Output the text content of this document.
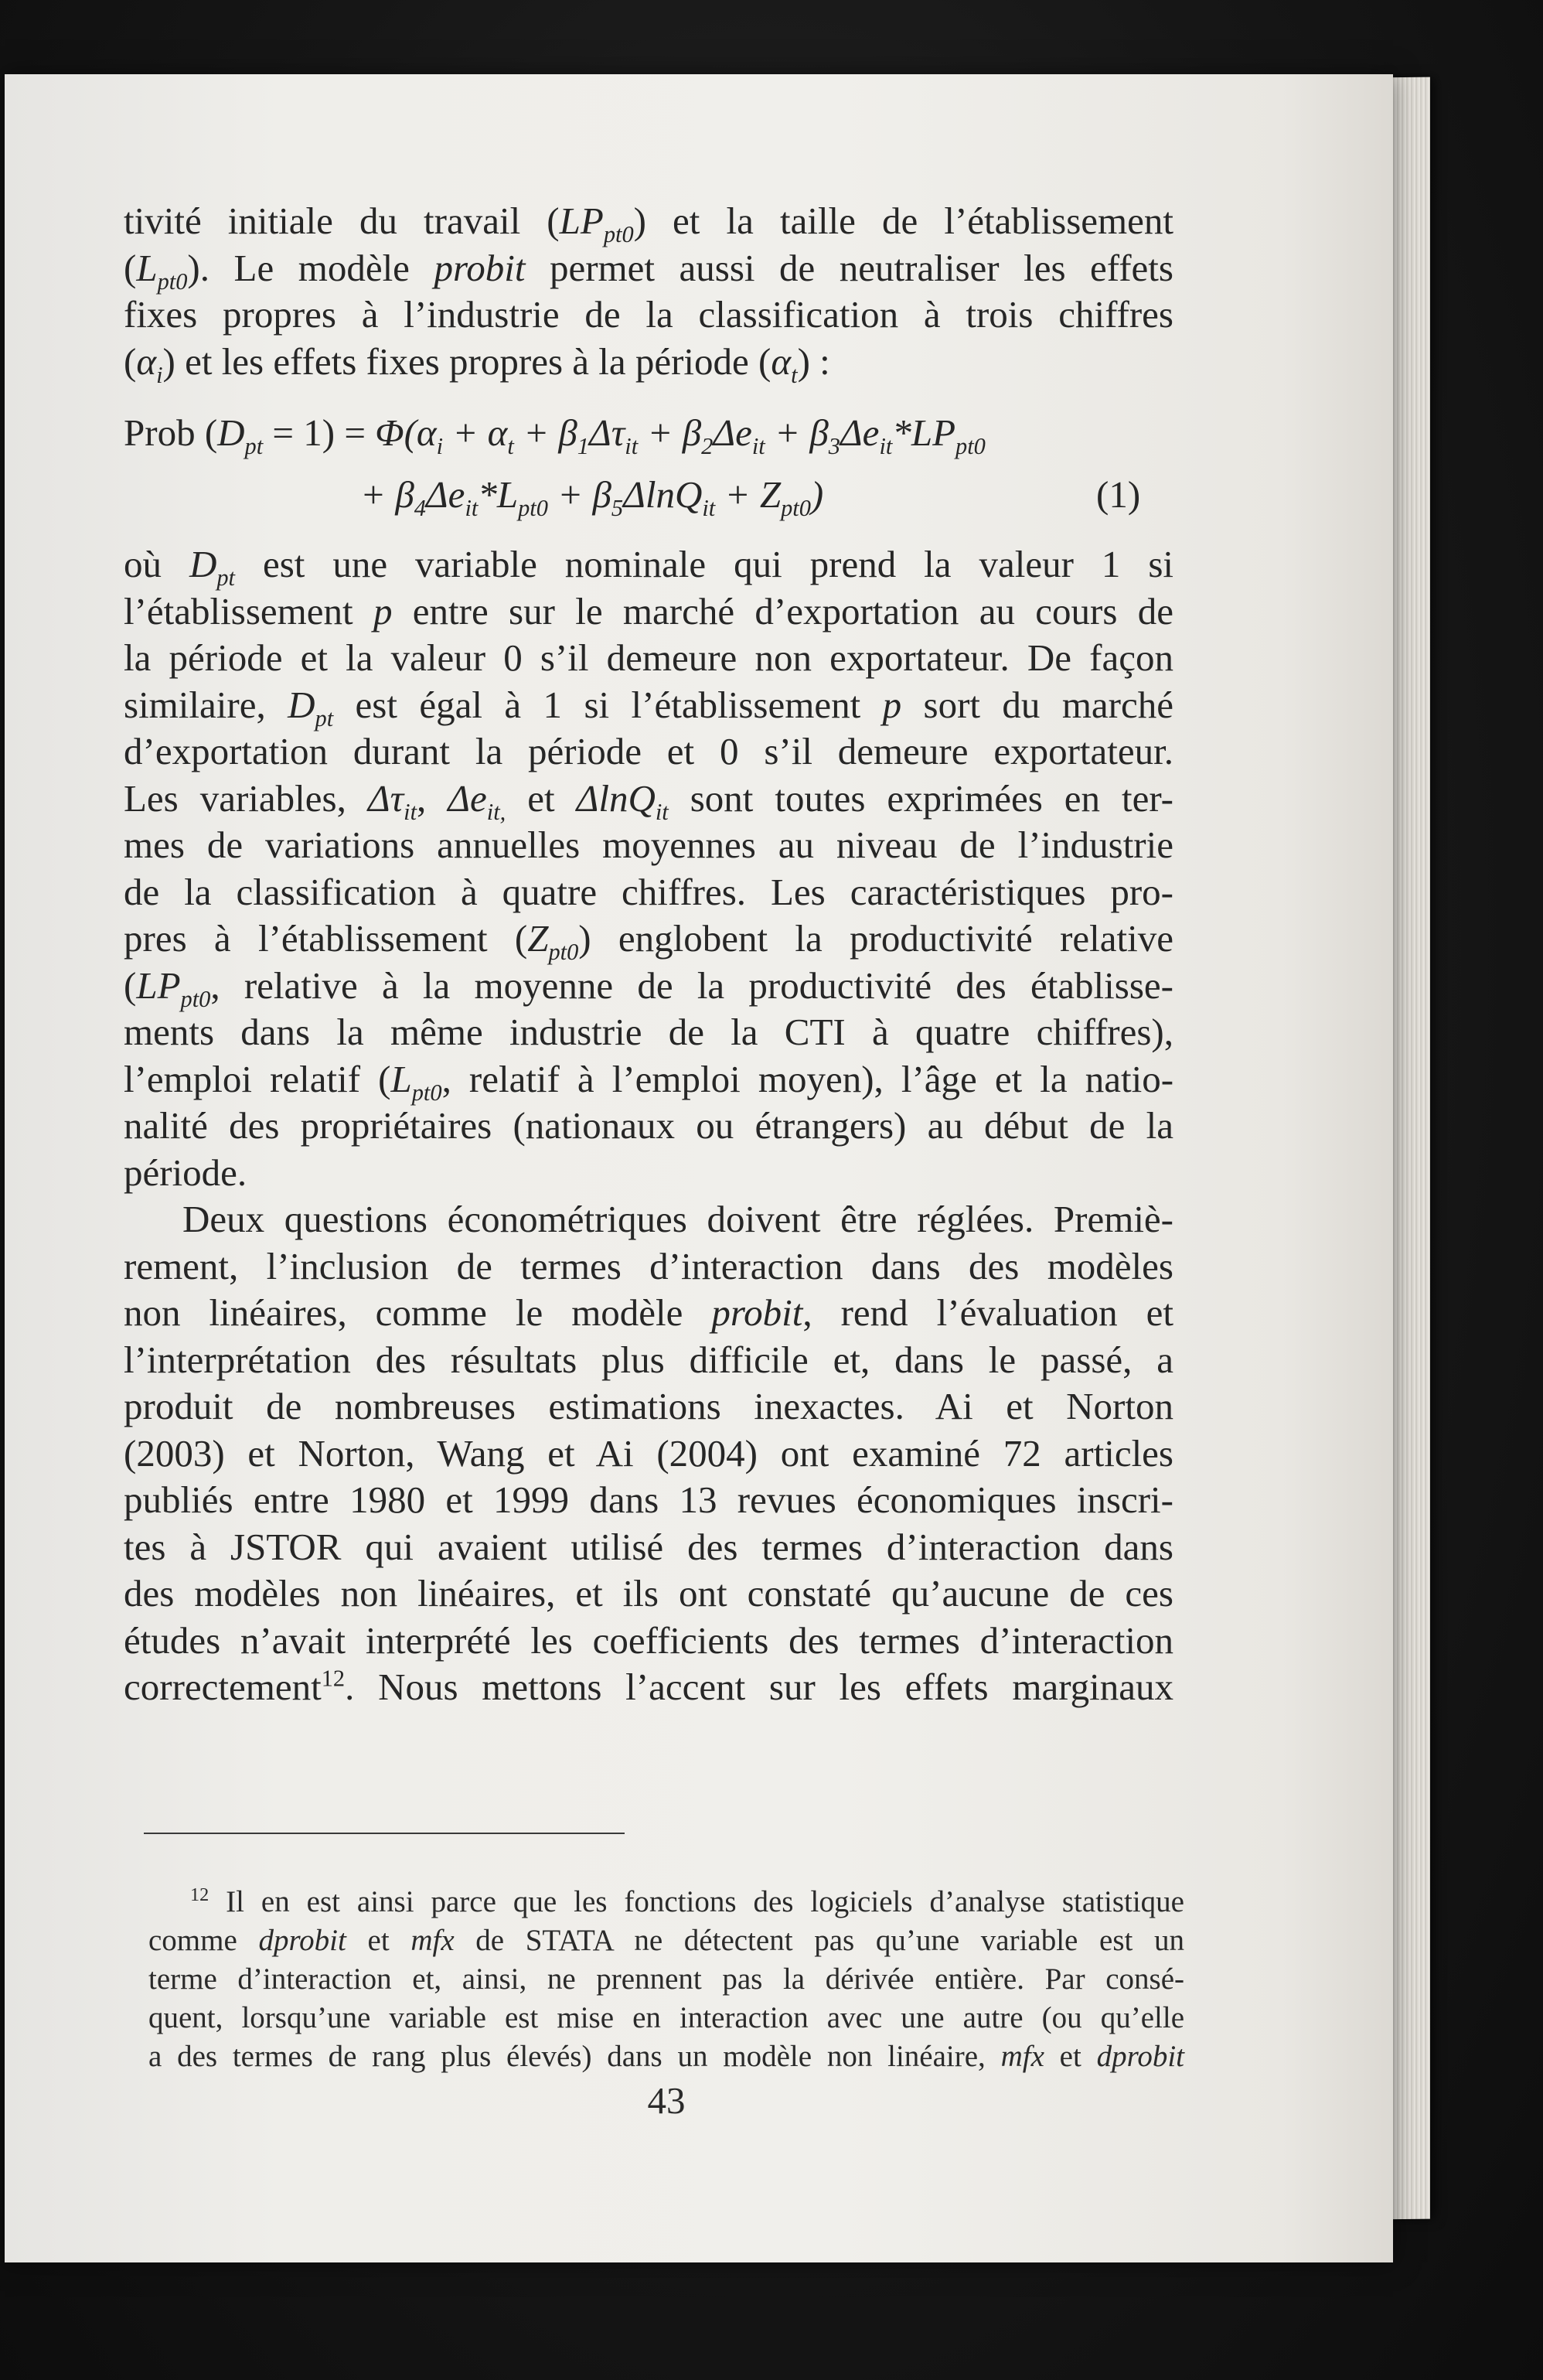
tivité initiale du travail $(LP_{pt0})$ et la taille de l’établissement

$(L_{pt0})$. Le modèle probit permet aussi de neutraliser les effets

fixes propres à l’industrie de la classification à trois chiffres

$(\alpha_i)$ et les effets fixes propres à la période $(\alpha_t)$ :

Prob $(D_{pt} = 1) = \Phi(\alpha_i + \alpha_t + \beta_1\Delta\tau_{it} + \beta_2\Delta e_{it} + \beta_3\Delta e_{it}*LP_{pt0}$
+ $\beta_4\Delta e_{it}*L_{pt0} + \beta_5\Delta\ln Q_{it} + Z_{pt0}$)	(1)

où $D_{pt}$ est une variable nominale qui prend la valeur 1 si

l’établissement p entre sur le marché d’exportation au cours de

la période et la valeur 0 s’il demeure non exportateur. De façon

similaire, $D_{pt}$ est égal à 1 si l’établissement p sort du marché

d’exportation durant la période et 0 s’il demeure exportateur.

Les variables, $\Delta\tau_{it}$, $\Delta e_{it,}$ et ΔlnQ$_{it}$ sont toutes exprimées en ter-

mes de variations annuelles moyennes au niveau de l’industrie

de la classification à quatre chiffres. Les caractéristiques pro-

pres à l’établissement $(Z_{pt0})$ englobent la productivité relative

($LP_{pt0}$, relative à la moyenne de la productivité des établisse-

ments dans la même industrie de la CTI à quatre chiffres),

l’emploi relatif ($L_{pt0}$, relatif à l’emploi moyen), l’âge et la natio-

nalité des propriétaires (nationaux ou étrangers) au début de la

période.

Deux questions économétriques doivent être réglées. Premiè-

rement, l’inclusion de termes d’interaction dans des modèles

non linéaires, comme le modèle probit, rend l’évaluation et

l’interprétation des résultats plus difficile et, dans le passé, a

produit de nombreuses estimations inexactes. Ai et Norton

(2003) et Norton, Wang et Ai (2004) ont examiné 72 articles

publiés entre 1980 et 1999 dans 13 revues économiques inscri-

tes à JSTOR qui avaient utilisé des termes d’interaction dans

des modèles non linéaires, et ils ont constaté qu’aucune de ces

études n’avait interprété les coefficients des termes d’interaction

correctement$^{12}$. Nous mettons l’accent sur les effets marginaux

$^{12}$ Il en est ainsi parce que les fonctions des logiciels d’analyse statistique

comme dprobit et mfx de STATA ne détectent pas qu’une variable est un

terme d’interaction et, ainsi, ne prennent pas la dérivée entière. Par consé-

quent, lorsqu’une variable est mise en interaction avec une autre (ou qu’elle

a des termes de rang plus élevés) dans un modèle non linéaire, mfx et dprobit

43
